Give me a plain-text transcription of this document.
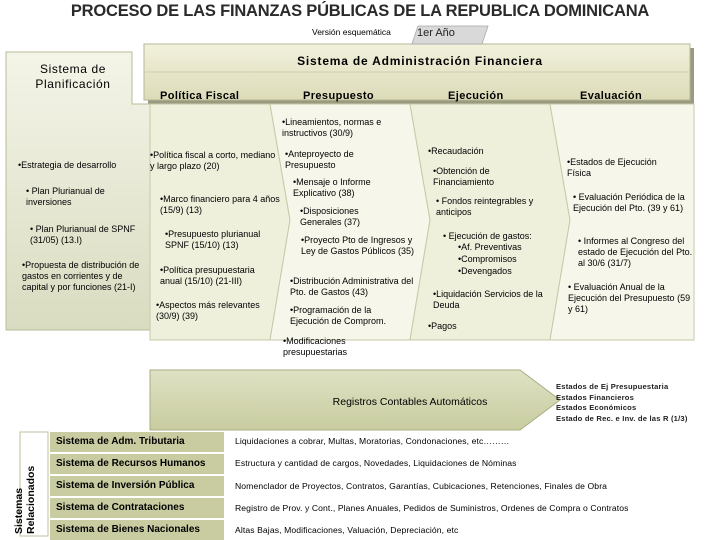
PROCESO DE LAS FINANZAS PÚBLICAS DE LA REPUBLICA DOMINICANA
Versión esquemática 1er Año
Sistema de Administración Financiera
Sistema de
Planificación
Política Fiscal	Presupuesto	Ejecución	Evaluación
•Lineamientos, normas e instructivos (30/9)
•Estrategia de desarrollo
• Plan Plurianual de inversiones
• Plan Plurianual de SPNF (31/05) (13.I)
•Propuesta de distribución de gastos en corrientes y de capital y por funciones (21-I)
•Política fiscal a corto, mediano y largo plazo (20)
•Marco financiero para 4 años (15/9) (13)
•Presupuesto plurianual SPNF (15/10) (13)
•Política presupuestaria anual (15/10) (21-III)
•Aspectos más relevantes (30/9) (39)
•Anteproyecto de Presupuesto
•Mensaje o Informe Explicativo (38)
•Disposiciones Generales (37)
•Proyecto Pto de Ingresos y Ley de Gastos Públicos (35)
•Distribución Administrativa del Pto. de Gastos (43)
•Programación de la Ejecución de Comprom.
•Modificaciones presupuestarias
•Recaudación
•Obtención de Financiamiento
• Fondos reintegrables y anticipos
• Ejecución de gastos:
•Af. Preventivas
•Compromisos
•Devengados
•Liquidación Servicios de la Deuda
•Pagos
•Estados de Ejecución Física
• Evaluación Periódica de la Ejecución del Pto. (39 y 61)
• Informes al Congreso del estado de Ejecución del Pto. al 30/6 (31/7)
• Evaluación Anual de la Ejecución del Presupuesto (59 y 61)
Registros Contables Automáticos
Estados de Ej Presupuestaria
Estados Financieros
Estados Económicos
Estado de Rec. e Inv. de las R (1/3)
Sistemas Relacionados
Sistema de Adm. Tributaria	Liquidaciones a cobrar, Multas, Moratorias, Condonaciones, etc………
Sistema de Recursos Humanos	Estructura y cantidad de cargos, Novedades, Liquidaciones de Nóminas
Sistema de Inversión Pública	Nomenclador de Proyectos, Contratos, Garantías, Cubicaciones, Retenciones, Finales de Obra
Sistema de Contrataciones	Registro de Prov. y Cont., Planes Anuales, Pedidos de Suministros, Ordenes de Compra o Contratos
Sistema de Bienes Nacionales	Altas Bajas, Modificaciones, Valuación, Depreciación, etc
